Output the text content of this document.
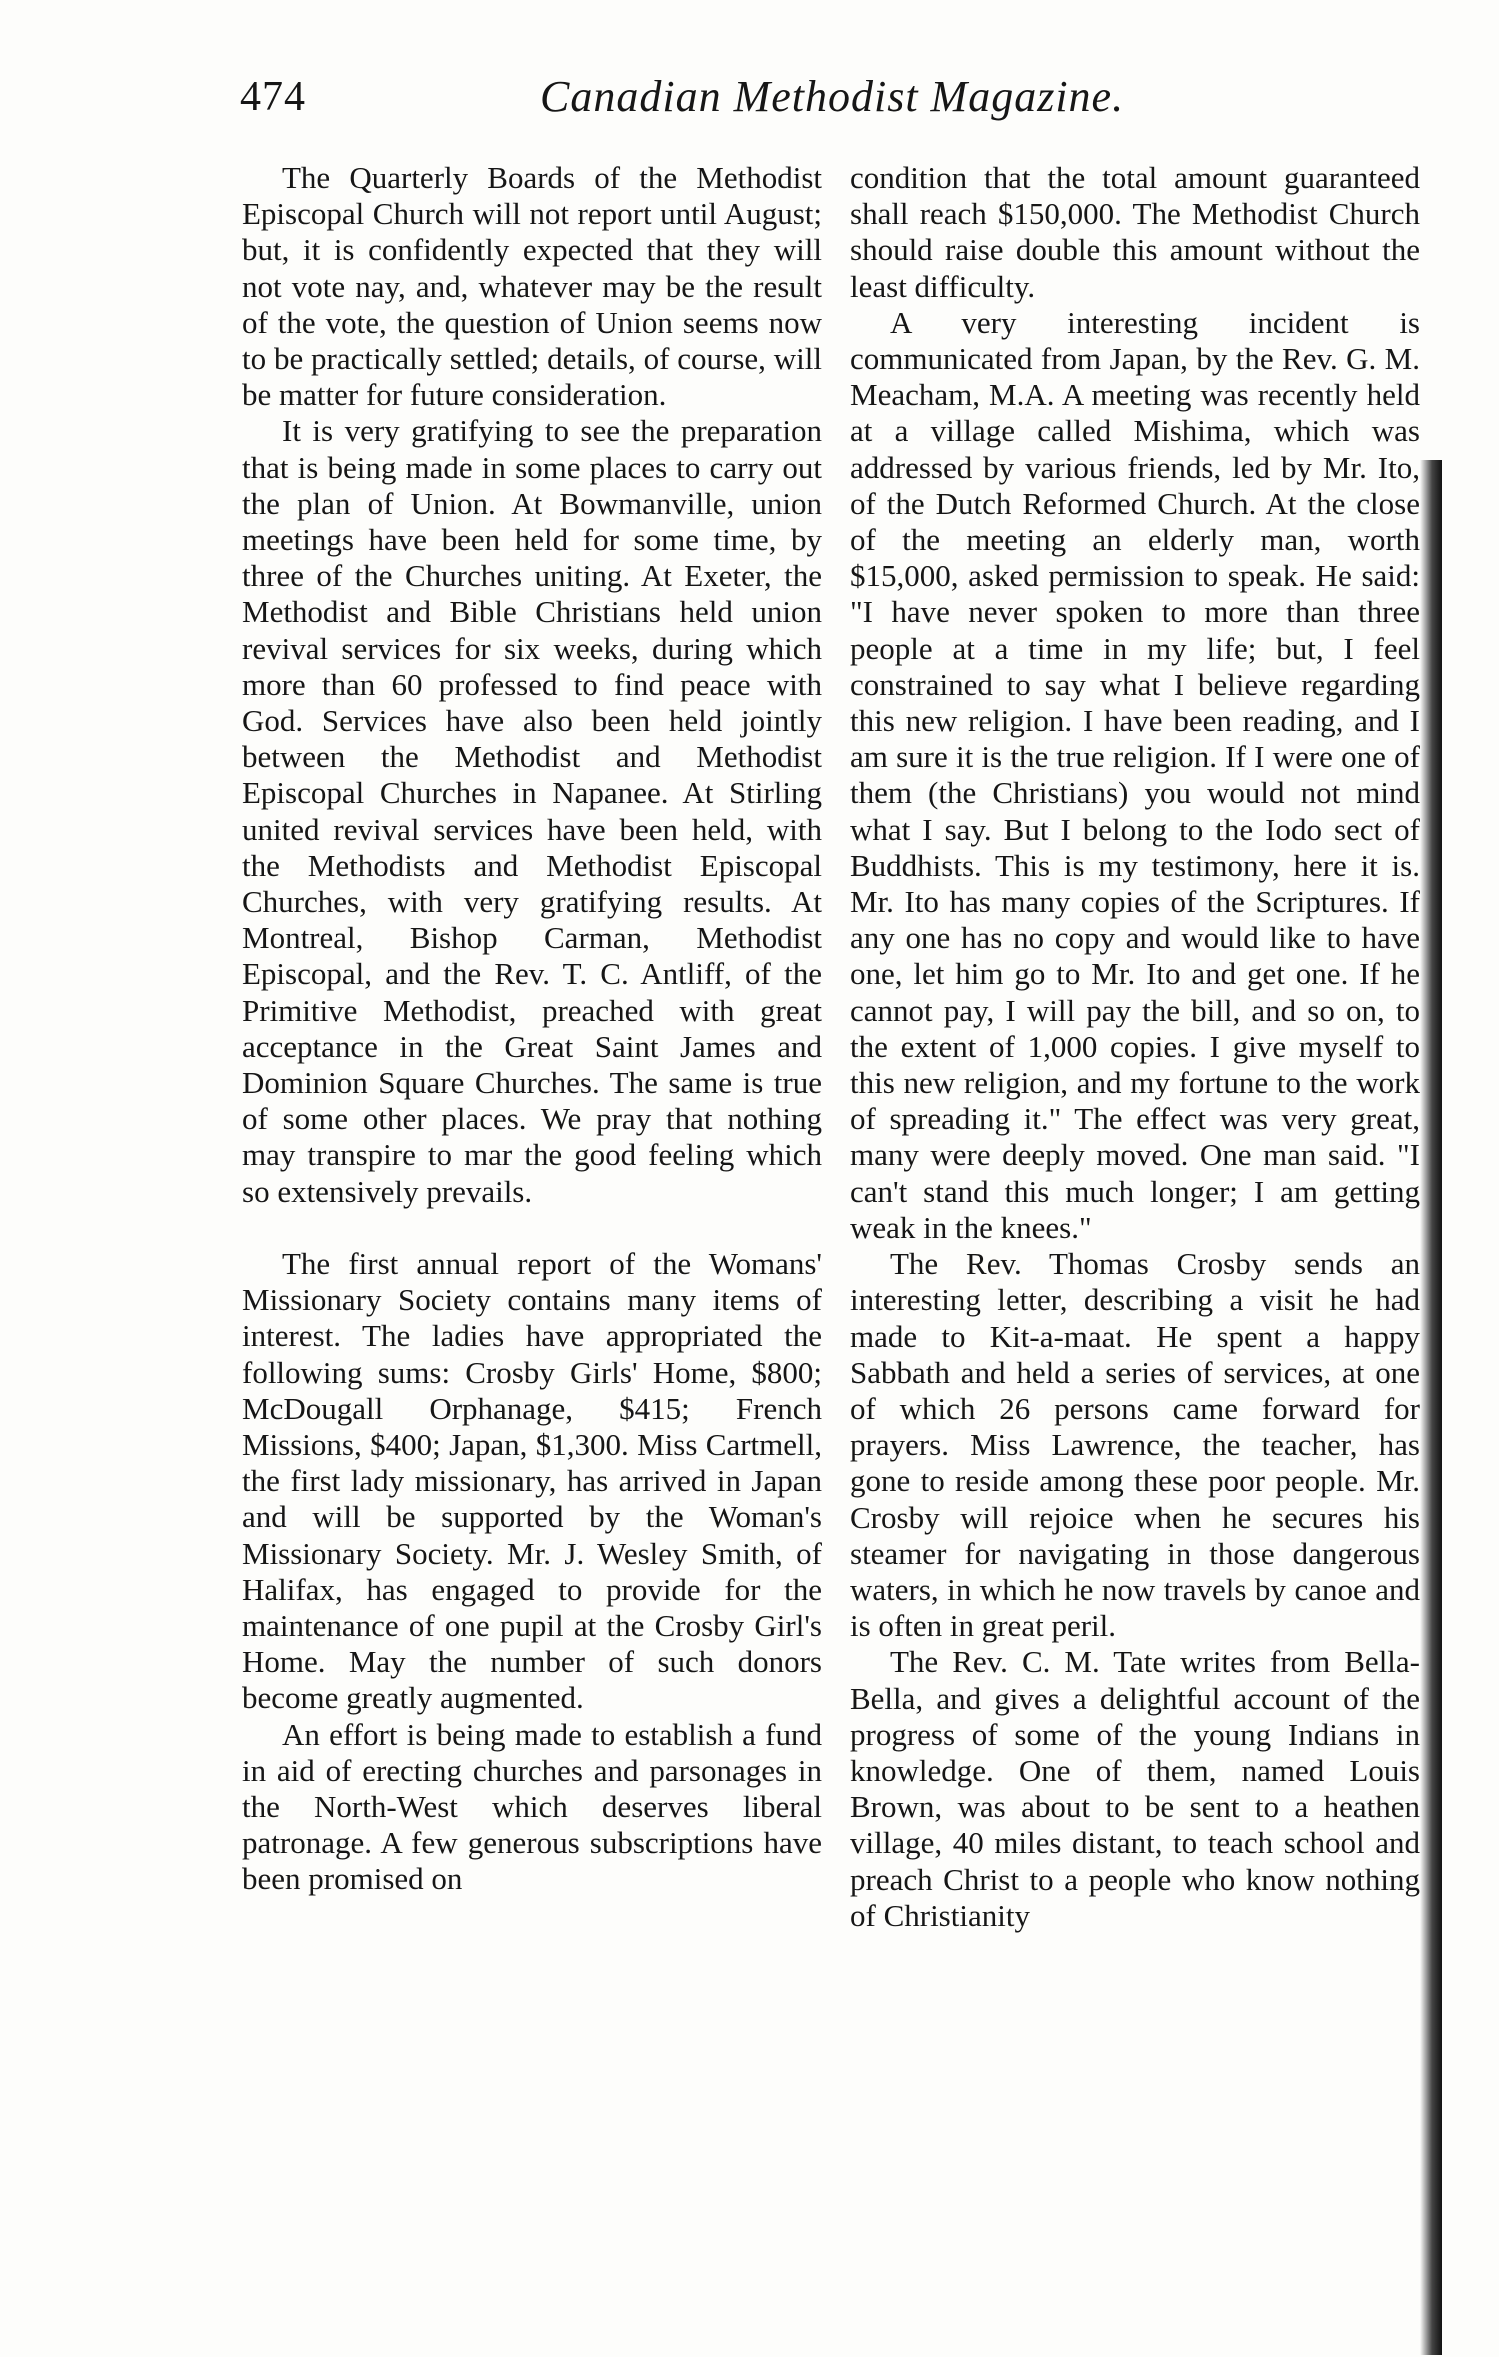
474	Canadian Methodist Magazine.

The Quarterly Boards of the Methodist Episcopal Church will not report until August; but, it is confidently expected that they will not vote nay, and, whatever may be the result of the vote, the question of Union seems now to be practically settled; details, of course, will be matter for future consideration.

It is very gratifying to see the preparation that is being made in some places to carry out the plan of Union. At Bowmanville, union meetings have been held for some time, by three of the Churches uniting. At Exeter, the Methodist and Bible Christians held union revival services for six weeks, during which more than 60 professed to find peace with God. Services have also been held jointly between the Methodist and Methodist Episcopal Churches in Napanee. At Stirling united revival services have been held, with the Methodists and Methodist Episcopal Churches, with very gratifying results. At Montreal, Bishop Carman, Methodist Episcopal, and the Rev. T. C. Antliff, of the Primitive Methodist, preached with great acceptance in the Great Saint James and Dominion Square Churches. The same is true of some other places. We pray that nothing may transpire to mar the good feeling which so extensively prevails.

The first annual report of the Womans' Missionary Society contains many items of interest. The ladies have appropriated the following sums: Crosby Girls' Home, $800; McDougall Orphanage, $415; French Missions, $400; Japan, $1,300. Miss Cartmell, the first lady missionary, has arrived in Japan and will be supported by the Woman's Missionary Society. Mr. J. Wesley Smith, of Halifax, has engaged to provide for the maintenance of one pupil at the Crosby Girl's Home. May the number of such donors become greatly augmented.

An effort is being made to establish a fund in aid of erecting churches and parsonages in the North-West which deserves liberal patronage. A few generous subscriptions have been promised on

condition that the total amount guaranteed shall reach $150,000. The Methodist Church should raise double this amount without the least difficulty.

A very interesting incident is communicated from Japan, by the Rev. G. M. Meacham, M.A. A meeting was recently held at a village called Mishima, which was addressed by various friends, led by Mr. Ito, of the Dutch Reformed Church. At the close of the meeting an elderly man, worth $15,000, asked permission to speak. He said: "I have never spoken to more than three people at a time in my life; but, I feel constrained to say what I believe regarding this new religion. I have been reading, and I am sure it is the true religion. If I were one of them (the Christians) you would not mind what I say. But I belong to the Iodo sect of Buddhists. This is my testimony, here it is. Mr. Ito has many copies of the Scriptures. If any one has no copy and would like to have one, let him go to Mr. Ito and get one. If he cannot pay, I will pay the bill, and so on, to the extent of 1,000 copies. I give myself to this new religion, and my fortune to the work of spreading it." The effect was very great, many were deeply moved. One man said. "I can't stand this much longer; I am getting weak in the knees."

The Rev. Thomas Crosby sends an interesting letter, describing a visit he had made to Kit-a-maat. He spent a happy Sabbath and held a series of services, at one of which 26 persons came forward for prayers. Miss Lawrence, the teacher, has gone to reside among these poor people. Mr. Crosby will rejoice when he secures his steamer for navigating in those dangerous waters, in which he now travels by canoe and is often in great peril.

The Rev. C. M. Tate writes from Bella-Bella, and gives a delightful account of the progress of some of the young Indians in knowledge. One of them, named Louis Brown, was about to be sent to a heathen village, 40 miles distant, to teach school and preach Christ to a people who know nothing of Christianity
